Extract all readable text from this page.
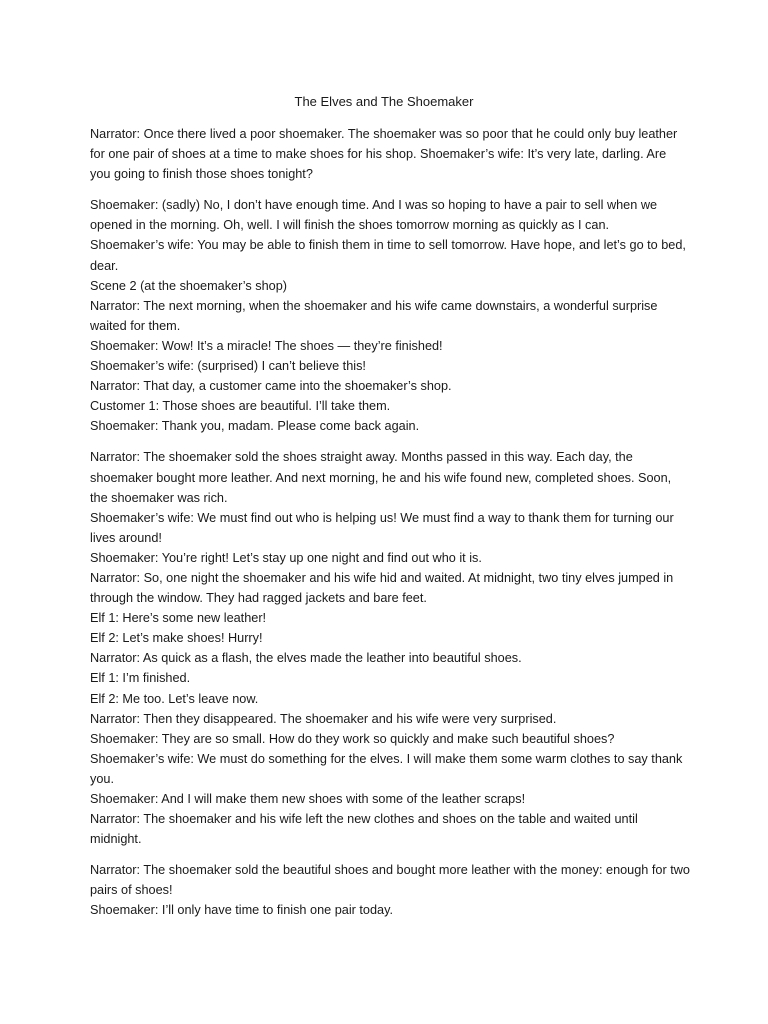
The Elves and The Shoemaker
Narrator: Once there lived a poor shoemaker. The shoemaker was so poor that he could only buy leather for one pair of shoes at a time to make shoes for his shop. Shoemaker’s wife: It’s very late, darling. Are you going to finish those shoes tonight?
Shoemaker: (sadly) No, I don’t have enough time. And I was so hoping to have a pair to sell when we opened in the morning. Oh, well. I will finish the shoes tomorrow morning as quickly as I can.
Shoemaker’s wife: You may be able to finish them in time to sell tomorrow. Have hope, and let’s go to bed, dear.
Scene 2 (at the shoemaker’s shop)
Narrator: The next morning, when the shoemaker and his wife came downstairs, a wonderful surprise waited for them.
Shoemaker: Wow! It’s a miracle! The shoes — they’re finished!
Shoemaker’s wife: (surprised) I can’t believe this!
Narrator: That day, a customer came into the shoemaker’s shop.
Customer 1: Those shoes are beautiful. I’ll take them.
Shoemaker: Thank you, madam. Please come back again.
Narrator: The shoemaker sold the shoes straight away. Months passed in this way. Each day, the shoemaker bought more leather. And next morning, he and his wife found new, completed shoes. Soon, the shoemaker was rich.
Shoemaker’s wife: We must find out who is helping us! We must find a way to thank them for turning our lives around!
Shoemaker: You’re right! Let’s stay up one night and find out who it is.
Narrator: So, one night the shoemaker and his wife hid and waited. At midnight, two tiny elves jumped in through the window. They had ragged jackets and bare feet.
Elf 1: Here’s some new leather!
Elf 2: Let’s make shoes! Hurry!
Narrator: As quick as a flash, the elves made the leather into beautiful shoes.
Elf 1: I’m finished.
Elf 2: Me too. Let’s leave now.
Narrator: Then they disappeared. The shoemaker and his wife were very surprised.
Shoemaker: They are so small. How do they work so quickly and make such beautiful shoes?
Shoemaker’s wife: We must do something for the elves. I will make them some warm clothes to say thank you.
Shoemaker: And I will make them new shoes with some of the leather scraps!
Narrator: The shoemaker and his wife left the new clothes and shoes on the table and waited until midnight.
Narrator: The shoemaker sold the beautiful shoes and bought more leather with the money: enough for two pairs of shoes!
Shoemaker: I’ll only have time to finish one pair today.
